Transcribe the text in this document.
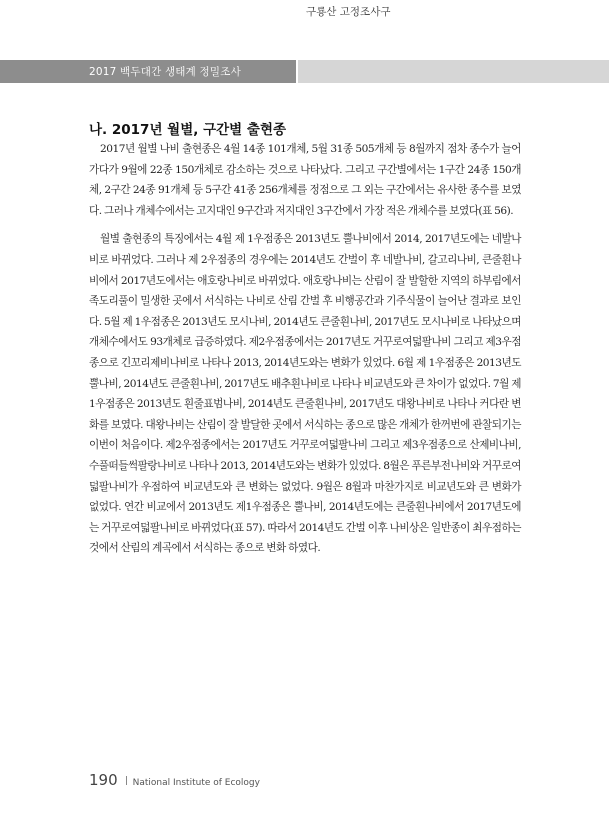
2017 백두대간 생태계 정밀조사
구룡산 고정조사구
나. 2017년 월별, 구간별 출현종

2017년 월별 나비 출현종은 4월 14종 101개체, 5월 31종 505개체 등 8월까지 점차 종수가 늘어가다가 9월에 22종 150개체로 감소하는 것으로 나타났다. 그리고 구간별에서는 1구간 24종 150개체, 2구간 24종 91개체 등 5구간 41종 256개체를 정점으로 그 외는 구간에서는 유사한 종수를 보였다. 그러나 개체수에서는 고지대인 9구간과 저지대인 3구간에서 가장 적은 개체수를 보였다(표 56).

월별 출현종의 특징에서는 4월 제 1우점종은 2013년도 뿔나비에서 2014, 2017년도에는 네발나비로 바뀌었다. 그러나 제 2우점종의 경우에는 2014년도 간벌이 후 네발나비, 갈고리나비, 큰줄흰나비에서 2017년도에서는 애호랑나비로 바뀌었다. 애호랑나비는 산림이 잘 발할한 지역의 하부림에서 족도리풀이 밀생한 곳에서 서식하는 나비로 산림 간벌 후 비행공간과 기주식물이 늘어난 결과로 보인다. 5월 제 1우점종은 2013년도 모시나비, 2014년도 큰줄흰나비, 2017년도 모시나비로 나타났으며 개체수에서도 93개체로 급증하였다. 제2우점종에서는 2017년도 거꾸로여덟팔나비 그리고 제3우점종으로 긴꼬리제비나비로 나타나 2013, 2014년도와는 변화가 있었다. 6월 제 1우점종은 2013년도 뿔나비, 2014년도 큰줄흰나비, 2017년도 배추흰나비로 나타나 비교년도와 큰 차이가 없었다. 7월 제 1우점종은 2013년도 흰줄표범나비, 2014년도 큰줄흰나비, 2017년도 대왕나비로 나타나 커다란 변화를 보였다. 대왕나비는 산림이 잘 발달한 곳에서 서식하는 종으로 많은 개체가 한꺼번에 관찰되기는 이번이 처음이다. 제2우점종에서는 2017년도 거꾸로여덟팔나비 그리고 제3우점종으로 산제비나비, 수풀떠들썩팔랑나비로 나타나 2013, 2014년도와는 변화가 있었다. 8월은 푸른부전나비와 거꾸로여덟팔나비가 우점하여 비교년도와 큰 변화는 없었다. 9월은 8월과 마찬가지로 비교년도와 큰 변화가 없었다. 연간 비교에서 2013년도 제1우점종은 뿔나비, 2014년도에는 큰줄흰나비에서 2017년도에는 거꾸로여덟팔나비로 바뀌었다(표 57). 따라서 2014년도 간벌 이후 나비상은 일반종이 최우점하는 것에서 산림의 계곡에서 서식하는 종으로 변화 하였다.

190 National Institute of Ecology
